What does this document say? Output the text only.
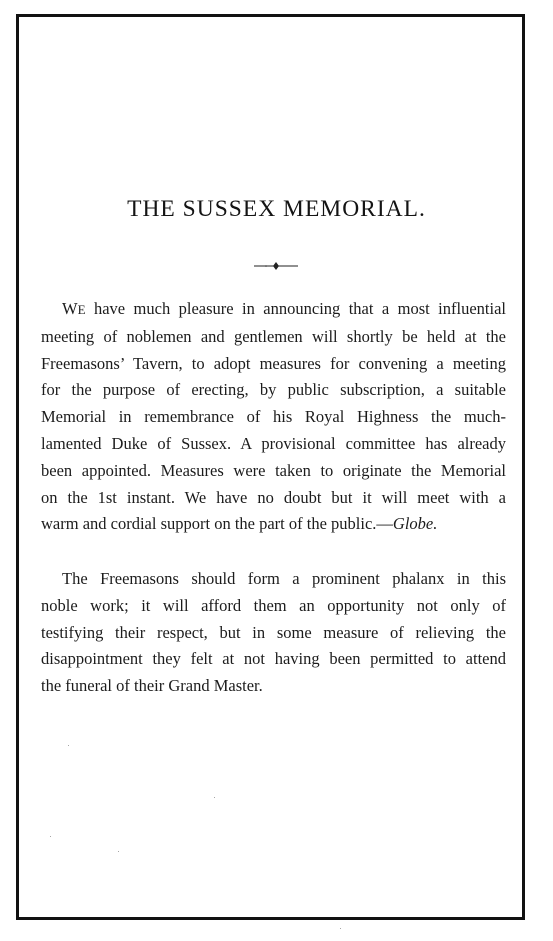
THE SUSSEX MEMORIAL.

WE have much pleasure in announcing that a most influential

meeting of noblemen and gentlemen will shortly be held at the

Freemasons’ Tavern, to adopt measures for convening a meeting

for the purpose of erecting, by public subscription, a suitable

Memorial in remembrance of his Royal Highness the much-

lamented Duke of Sussex. A provisional committee has already

been appointed. Measures were taken to originate the Memorial

on the 1st instant. We have no doubt but it will meet with a

warm and cordial support on the part of the public.—Globe.

The Freemasons should form a prominent phalanx in this

noble work; it will afford them an opportunity not only of

testifying their respect, but in some measure of relieving the

disappointment they felt at not having been permitted to attend

the funeral of their Grand Master.
